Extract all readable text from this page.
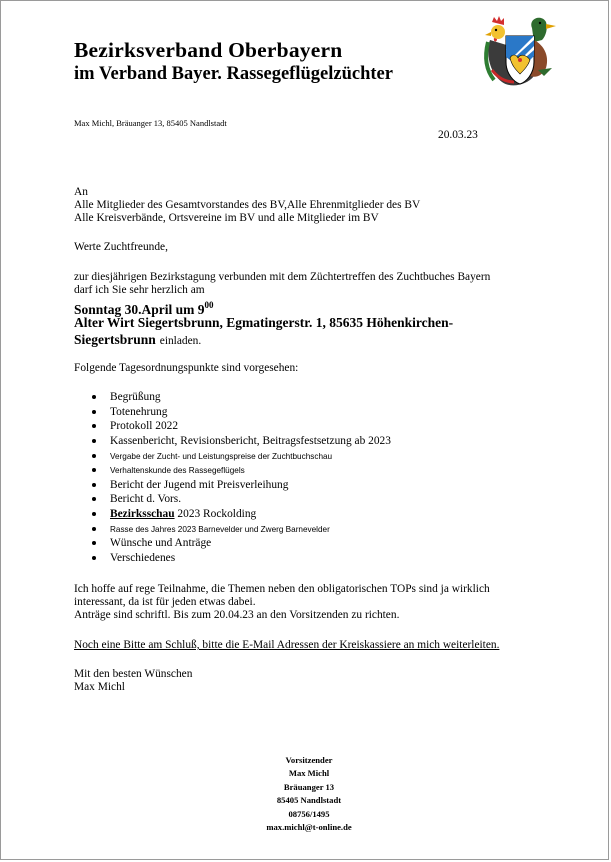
Bezirksverband Oberbayern
im Verband Bayer. Rassegeflügelzüchter
Max Michl, Bräuanger 13, 85405 Nandlstadt
20.03.23
An
Alle Mitglieder des Gesamtvorstandes des BV,Alle Ehrenmitglieder des BV
Alle Kreisverbände, Ortsvereine im BV und alle Mitglieder im BV
Werte Zuchtfreunde,
zur diesjährigen Bezirkstagung verbunden mit dem Züchtertreffen des Zuchtbuches Bayern
darf ich Sie sehr herzlich am
Sonntag 30.April um $9^{00}$
Alter Wirt Siegertsbrunn, Egmatingerstr. 1, 85635 Höhenkirchen-
Siegertsbrunn einladen.
Folgende Tagesordnungspunkte sind vorgesehen:
Begrüßung
Totenehrung
Protokoll 2022
Kassenbericht, Revisionsbericht, Beitragsfestsetzung ab 2023
Vergabe der Zucht- und Leistungspreise der Zuchtbuchschau
Verhaltenskunde des Rassegeflügels
Bericht der Jugend mit Preisverleihung
Bericht d. Vors.
Bezirksschau 2023 Rockolding
Rasse des Jahres 2023 Barnevelder und Zwerg Barnevelder
Wünsche und Anträge
Verschiedenes
Ich hoffe auf rege Teilnahme, die Themen neben den obligatorischen TOPs sind ja wirklich
interessant, da ist für jeden etwas dabei.
Anträge sind schriftl. Bis zum 20.04.23 an den Vorsitzenden zu richten.
Noch eine Bitte am Schluß, bitte die E-Mail Adressen der Kreiskassiere an mich weiterleiten.
Mit den besten Wünschen
Max Michl
Vorsitzender
Max Michl
Bräuanger 13
85405 Nandlstadt
08756/1495
max.michl@t-online.de
